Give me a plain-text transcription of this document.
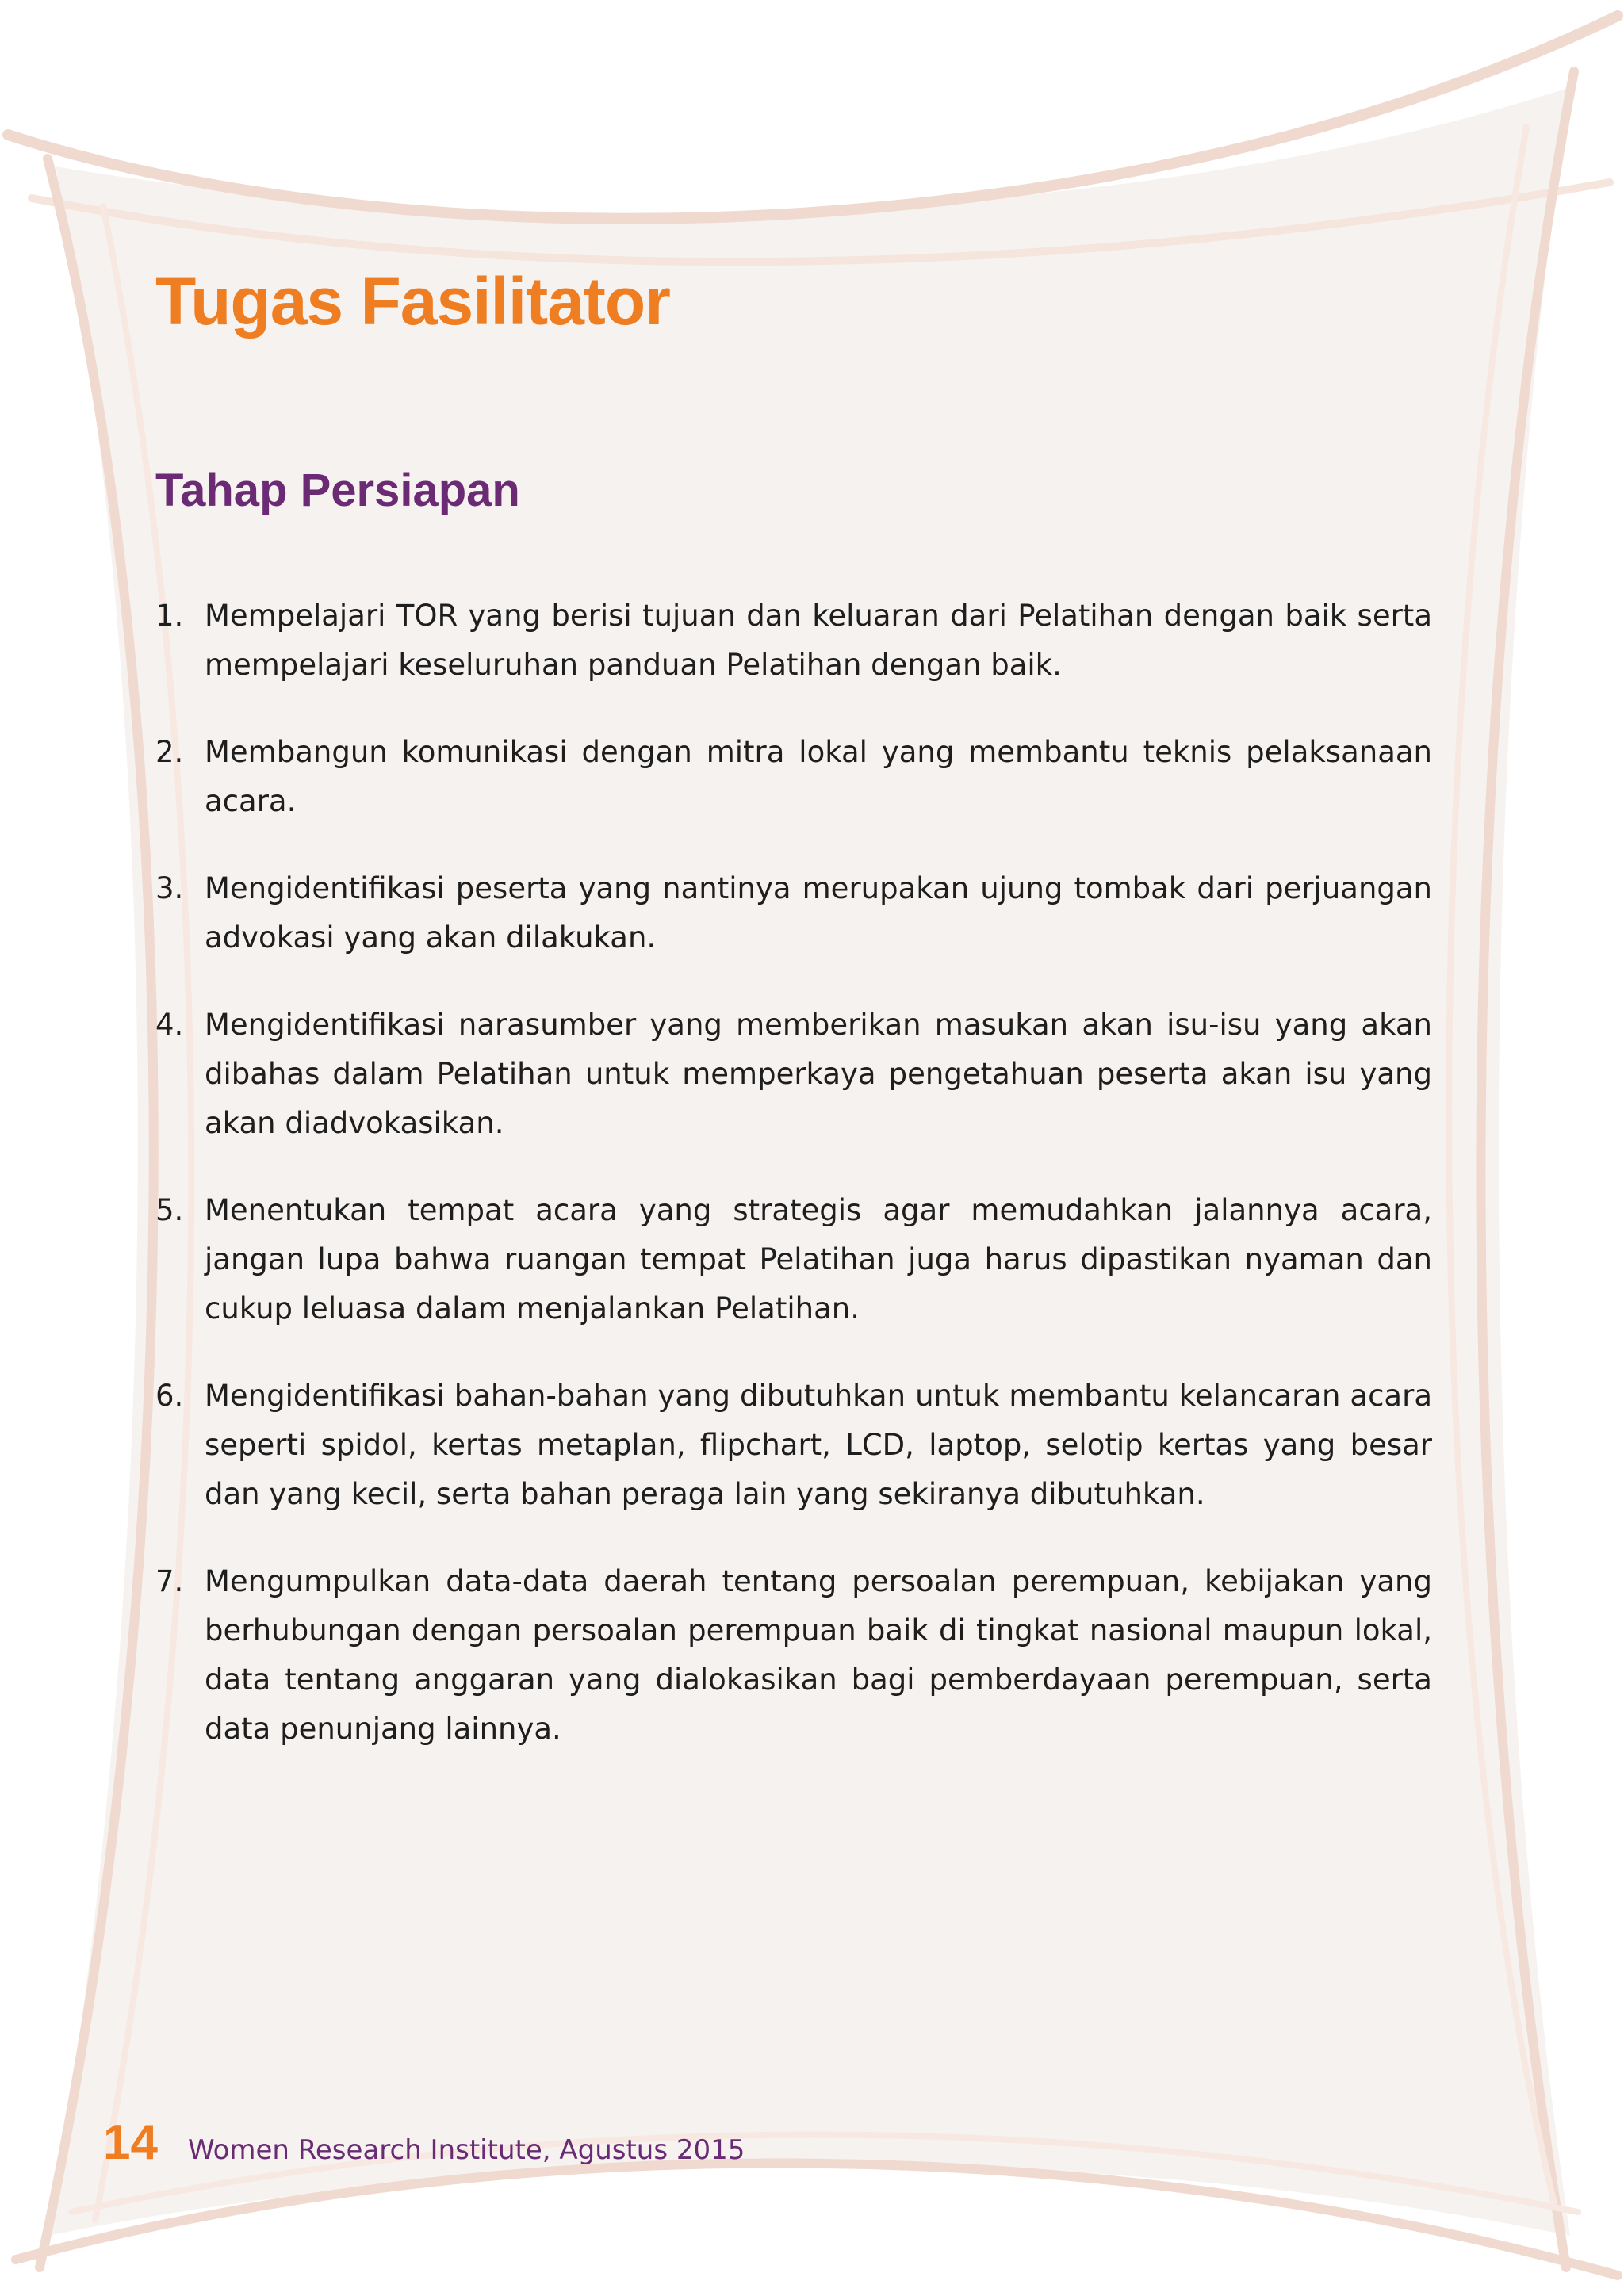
Tugas Fasilitator
Tahap Persiapan
1. Mempelajari TOR yang berisi tujuan dan keluaran dari Pelatihan dengan baik serta mempelajari keseluruhan panduan Pelatihan dengan baik.
2. Membangun komunikasi dengan mitra lokal yang membantu teknis pelaksanaan acara.
3. Mengidentifikasi peserta yang nantinya merupakan ujung tombak dari perjuangan advokasi yang akan dilakukan.
4. Mengidentifikasi narasumber yang memberikan masukan akan isu-isu yang akan dibahas dalam Pelatihan untuk memperkaya pengetahuan peserta akan isu yang akan diadvokasikan.
5. Menentukan tempat acara yang strategis agar memudahkan jalannya acara, jangan lupa bahwa ruangan tempat Pelatihan juga harus dipastikan nyaman dan cukup leluasa dalam menjalankan Pelatihan.
6. Mengidentifikasi bahan-bahan yang dibutuhkan untuk membantu kelancaran acara seperti spidol, kertas metaplan, flipchart, LCD, laptop, selotip kertas yang besar dan yang kecil, serta bahan peraga lain yang sekiranya dibutuhkan.
7. Mengumpulkan data-data daerah tentang persoalan perempuan, kebijakan yang berhubungan dengan persoalan perempuan baik di tingkat nasional maupun lokal, data tentang anggaran yang dialokasikan bagi pemberdayaan perempuan, serta data penunjang lainnya.
14 Women Research Institute, Agustus 2015
